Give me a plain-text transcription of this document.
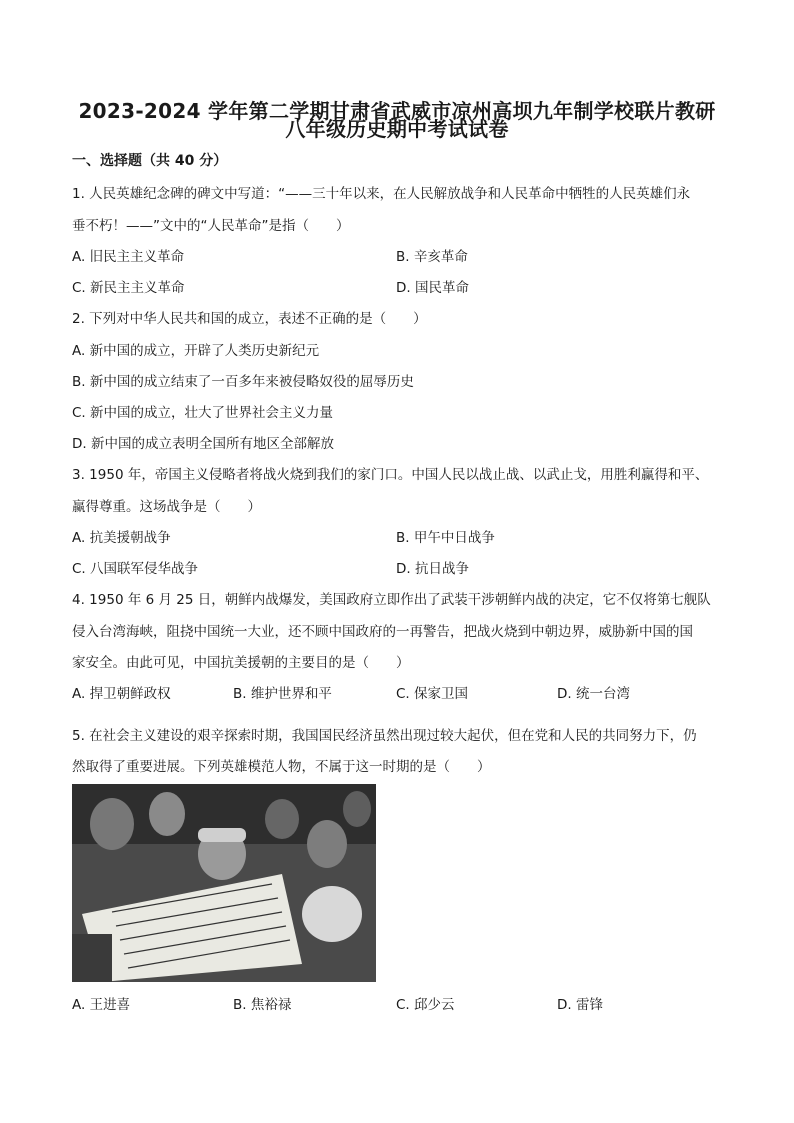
2023-2024 学年第二学期甘肃省武威市凉州高坝九年制学校联片教研
八年级历史期中考试试卷
一、选择题（共 40 分）
1. 人民英雄纪念碑的碑文中写道：“——三十年以来，在人民解放战争和人民革命中牺牲的人民英雄们永
垂不朽！——”文中的“人民革命”是指（　　）
A. 旧民主主义革命	B. 辛亥革命
C. 新民主主义革命	D. 国民革命
2. 下列对中华人民共和国的成立，表述不正确的是（　　）
A. 新中国的成立，开辟了人类历史新纪元
B. 新中国的成立结束了一百多年来被侵略奴役的屈辱历史
C. 新中国的成立，壮大了世界社会主义力量
D. 新中国的成立表明全国所有地区全部解放
3. 1950 年，帝国主义侵略者将战火烧到我们的家门口。中国人民以战止战、以武止戈，用胜利赢得和平、
赢得尊重。这场战争是（　　）
A. 抗美援朝战争	B. 甲午中日战争
C. 八国联军侵华战争	D. 抗日战争
4. 1950 年 6 月 25 日，朝鲜内战爆发，美国政府立即作出了武装干涉朝鲜内战的决定，它不仅将第七舰队
侵入台湾海峡，阻挠中国统一大业，还不顾中国政府的一再警告，把战火烧到中朝边界，威胁新中国的国
家安全。由此可见，中国抗美援朝的主要目的是（　　）
A. 捍卫朝鲜政权	B. 维护世界和平	C. 保家卫国	D. 统一台湾
5. 在社会主义建设的艰辛探索时期，我国国民经济虽然出现过较大起伏，但在党和人民的共同努力下，仍
然取得了重要进展。下列英雄模范人物，不属于这一时期的是（　　）
A. 王进喜	B. 焦裕禄	C. 邱少云	D. 雷锋
